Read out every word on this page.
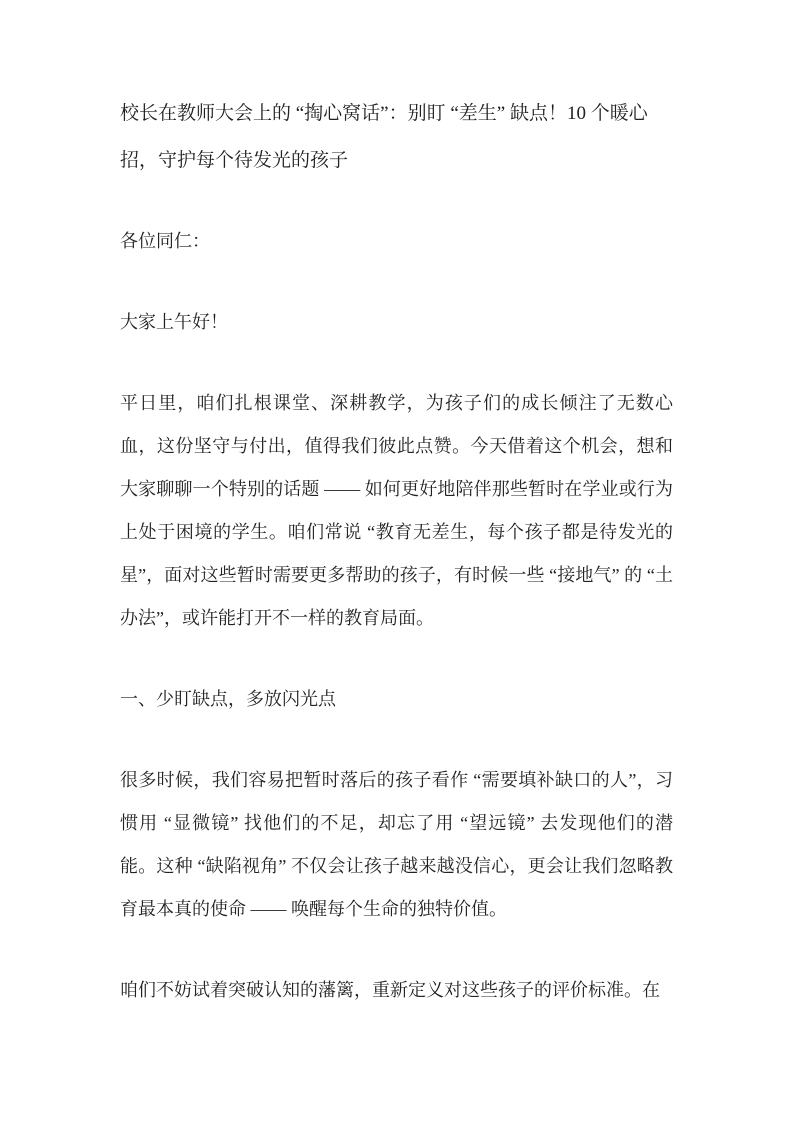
校长在教师大会上的 “掏心窝话”：别盯 “差生” 缺点！10 个暖心招，守护每个待发光的孩子

各位同仁：

大家上午好！

平日里，咱们扎根课堂、深耕教学，为孩子们的成长倾注了无数心血，这份坚守与付出，值得我们彼此点赞。今天借着这个机会，想和大家聊聊一个特别的话题 —— 如何更好地陪伴那些暂时在学业或行为上处于困境的学生。咱们常说 “教育无差生，每个孩子都是待发光的星”，面对这些暂时需要更多帮助的孩子，有时候一些 “接地气” 的 “土办法”，或许能打开不一样的教育局面。

一、少盯缺点，多放闪光点

很多时候，我们容易把暂时落后的孩子看作 “需要填补缺口的人”，习惯用 “显微镜” 找他们的不足，却忘了用 “望远镜” 去发现他们的潜能。这种 “缺陷视角” 不仅会让孩子越来越没信心，更会让我们忽略教育最本真的使命 —— 唤醒每个生命的独特价值。

咱们不妨试着突破认知的藩篱，重新定义对这些孩子的评价标准。在
